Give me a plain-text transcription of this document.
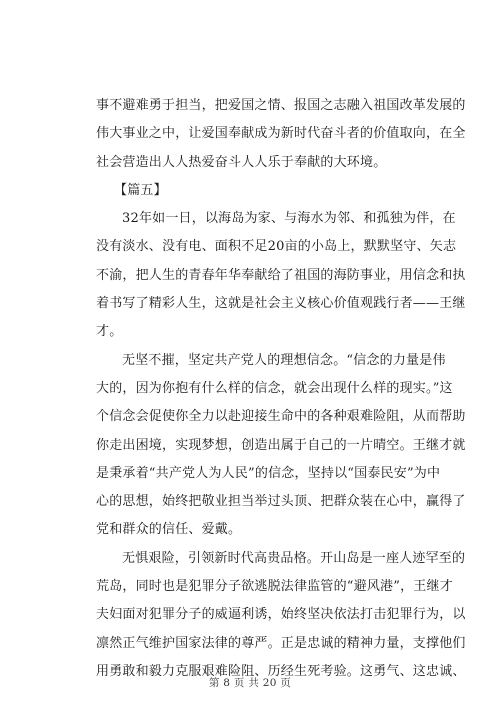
事不避难勇于担当，把爱国之情、报国之志融入祖国改革发展的
伟大事业之中，让爱国奉献成为新时代奋斗者的价值取向，在全
社会营造出人人热爱奋斗人人乐于奉献的大环境。
【篇五】
32年如一日，以海岛为家、与海水为邻、和孤独为伴，在
没有淡水、没有电、面积不足20亩的小岛上，默默坚守、矢志
不渝，把人生的青春年华奉献给了祖国的海防事业，用信念和执
着书写了精彩人生，这就是社会主义核心价值观践行者——王继
才。
无坚不摧，坚定共产党人的理想信念。“信念的力量是伟
大的，因为你抱有什么样的信念，就会出现什么样的现实。”这
个信念会促使你全力以赴迎接生命中的各种艰难险阻，从而帮助
你走出困境，实现梦想，创造出属于自己的一片晴空。王继才就
是秉承着“共产党人为人民”的信念，坚持以“国泰民安”为中
心的思想，始终把敬业担当举过头顶、把群众装在心中，赢得了
党和群众的信任、爱戴。
无惧艰险，引领新时代高贵品格。开山岛是一座人迹罕至的
荒岛，同时也是犯罪分子欲逃脱法律监管的“避风港”，王继才
夫妇面对犯罪分子的威逼利诱，始终坚决依法打击犯罪行为，以
凛然正气维护国家法律的尊严。正是忠诚的精神力量，支撑他们
用勇敢和毅力克服艰难险阻、历经生死考验。这勇气、这忠诚、
第 8 页 共 20 页
